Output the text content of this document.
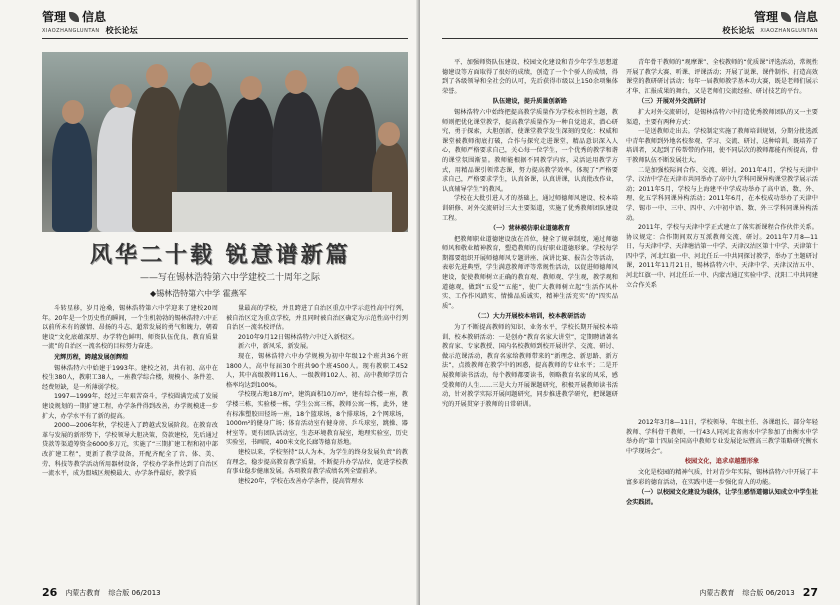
管理 信息
XIAOZHANGLUNTAN 校长论坛
风华二十载 锐意谱新篇
——写在锡林浩特第六中学建校二十周年之际
◆锡林浩特第六中学 霍燕军

斗转星移，岁月沧桑，锡林浩特第六中学迎来了建校20周年。20年是一个历史性的瞬间，一个生机勃勃的锡林浩特六中正以前所未有的激情、昂扬的斗志、超常发展的勇气和魄力，朝着建设“文化底蕴深厚、办学特色鲜明、师资队伍优良、教育质量一流”的自治区一流名校的目标努力奋进。

光辉历程，跨越发展创辉煌

锡林浩特六中始建于1993年。建校之初，共有初、高中在校生380人，教职工38人，一座教学综合楼，规模小、条件差、经费短缺，是一所薄弱学校。

1997—1999年，经过三年艰苦奋斗，学校圆满完成了发展建设规划的一期扩建工程，办学条件得到改善，办学规模进一步扩大，办学水平有了新的提高。

2000—2006年秋，学校进入了跨越式发展阶段。在教育改革与发展的新形势下，学校领导大胆决策，贷款建校，先后通过贷款等渠道筹资金6000多万元，实施了“三期扩建工程和初中部改扩建工程”，更新了教学设备，开配齐配全了音、体、美、劳、科技等教学活动所用器材设备，学校办学条件达到了自治区一流水平，成为盟城区规模最大、办学条件最好，教学质

量最高的学校，并且跨进了自治区重点中学示范性高中行列，被自治区定为重点学校，并且同时被自治区确定为示范性高中行列自治区一流名校评估。

2010年9月12日锡林浩特六中迁入新校区。

新六中，新风采，新发展。

现在，锡林浩特六中办学规模为初中年级12个班共36个班1800人，高中每届30个班共90个班4500人。现有教职工452人，其中高级教师116人、一级教师102人、初、高中教师学历合格率均达到100%。

学校现占地18万m²，建筑面积10万m²，建有综合楼一座，教学楼三栋，实验楼一栋，学生公寓三栋，教师公寓一栋，此外，建有标准塑胶田径场一座，18个篮球场，8个排球场，2个网球场，1000m²的健身广场；体育活动室有健身房、乒乓球室，跳操、器材室等。更有团队活动室，生态环境教育展室，地理实验室，历史实验室，书画院，400米文化长廊等德育基地。

建校以来，学校坚持“以人为本，为学生的终身发展负责”的教育理念，稳步提高教育教学质量，不断提升办学品位，促进学校教育事业稳步健康发展。各项教育教学成绩名列全盟前茅。

建校20年，学校在改善办学条件，提高管理水

26 内蒙古教育 综合版 06/2013
管理 信息
校长论坛 XIAOZHANGLUNTAN

平、加强师资队伍建设、校园文化建设和青少年学生思想道德建设等方面取得了很好的成绩，创造了一个个骄人的成绩，得到了各级领导和全社会的认可，先后获得市级以上150余项集体荣誉。

队伍建设，提升质量创新路

锡林浩特六中始终把提高教学质量作为学校永恒的主题，教师则把优化课堂教学，提高教学质量作为一种自觉追求，潜心研究，勇于探索，大胆创新，使课堂教学发生深刻的变化：权威和课堂被教师彻底打破，合作与探究走进课堂，精品意识深入人心，教师严格要求自己，关心每一位学生，一个优秀的教学和谐的课堂氛围渐显。教师能根据不同教学内容，灵活运用教学方式，用精品课引领常态课，努力提高教学效率。体现了“严格要求自己，严格要求学生，认真备课，认真讲课，认真批改作业，认真辅导学生”的教风。

学校在大批引进人才的基础上，通过师德师风建设、校本培训研修、对外交流研讨三大主要渠道，实施了优秀教师团队建设工程。

（一）营林模仿职业道德教育

把教师职业道德建设放在首位，健全了规章制度，通过师德师风和敬业精神教育，塑造教师的良好职业道德形象。学校每学期都要组织开展师德师风专题讲座、演讲比赛、报告会等活动，表彰先进典型，学生满意教师评等常规性活动，以促进师德师风建设，促使教师树立正确的教育观、教师观、学生观，教学观和道德观，做到“五爱”“五能”，使广大教师树立起“生活作风朴实、工作作风踏实、情操品质诚实，精神生活充实”的“四实品质”。

（二）大力开展校本培训，校本教研活动

为了不断提高教师的知识、业务水平，学校长期开展校本培训、校本教研活动：一是创办“教育名家大讲堂”，定期聘请著名教育家、专家教授、国内名校教师到校开展讲学、交流、研讨、做示范课活动，教育名家给教师带来的“新理念、新思路、新方法”，点拨教师在教学中的困惑，提高教师的专业水平；二是开展教师读书活动，每个教师都要读书，领略教育名家的风采，感受教师的人生……三是大力开展课题研究，积极开展教师读书活动，针对教学实际开展问题研究，同步推进教学研究，把课题研究的开展贯穿于教师的日常研训。

青年骨干教师的“观摩课”、全校教师的“优质课”评选活动，常规性开展了教学大赛、听课、评课活动；开展了说课、课件制作、打造高效课堂的教研研讨活动；每年一届教师教学基本功大赛，既是老师们展示才华、汇报成果的舞台，又是老师们交流经验、研讨技艺的平台。

（三）开展对外交流研讨

扩大对外交流研讨，是锡林浩特六中打造优秀教师团队的又一主要渠道，主要有两种方式：

一是送教师走出去。学校制定实施了教师培训规划，分期分批选派中青年教师到外地名校参观、学习、交流、研讨，这种培训，既培养了培训者，又起到了传帮带的作用，使不同层次的教师都能有所提高，骨干教师队伍不断发展壮大。

二是加强校际间合作、交流、研讨。2011年4月，学校与天津中学、汉沽中学在天津市共同举办了高中九学科同课异构课堂教学展示活动；2011年5月，学校与上海建平中学成功举办了高中语、数、外、理、化五学科同课异构活动；2011年6月，在本校成功举办了天津中学、锡市一中、三中、四中、六中初中语、数、外三学科同课异构活动。

2011年，学校与天津中学正式建立了落实新课程合作伙伴关系。协议规定：合作期间双方互派教师交流、研讨。2011年7月8—11日，与天津中学、天津塘沽第一中学、天津汉沽区第十中学、天津第十四中学，河北红旗一中、河北任丘一中共同探讨教学，举办了主题研讨课，2011年11月21日，锡林浩特六中、天津中学、天津汉沽五中、河北红旗一中、河北任丘一中、内蒙古通辽实验中学、沈阳二中共同建立合作关系

2012年3月8—11日，学校领导、年级主任、各课组长、部分年轻教师、学科骨干教师，一行43人同河北省南水中学参加了由衡水中学举办的“第十四届全国高中教师专业发展论坛暨高三教学策略研究衡水中学现场会”。

校园文化，追求卓越塑形象

文化是校园的精神气质，针对青少年实际，锡林浩特六中开展了丰富多彩的德育活动，在实践中进一步强化育人的功能。

（一）以校园文化建设为载体，让学生感悟道德认知成立中学生社会实践团。

内蒙古教育 综合版 06/2013 27
